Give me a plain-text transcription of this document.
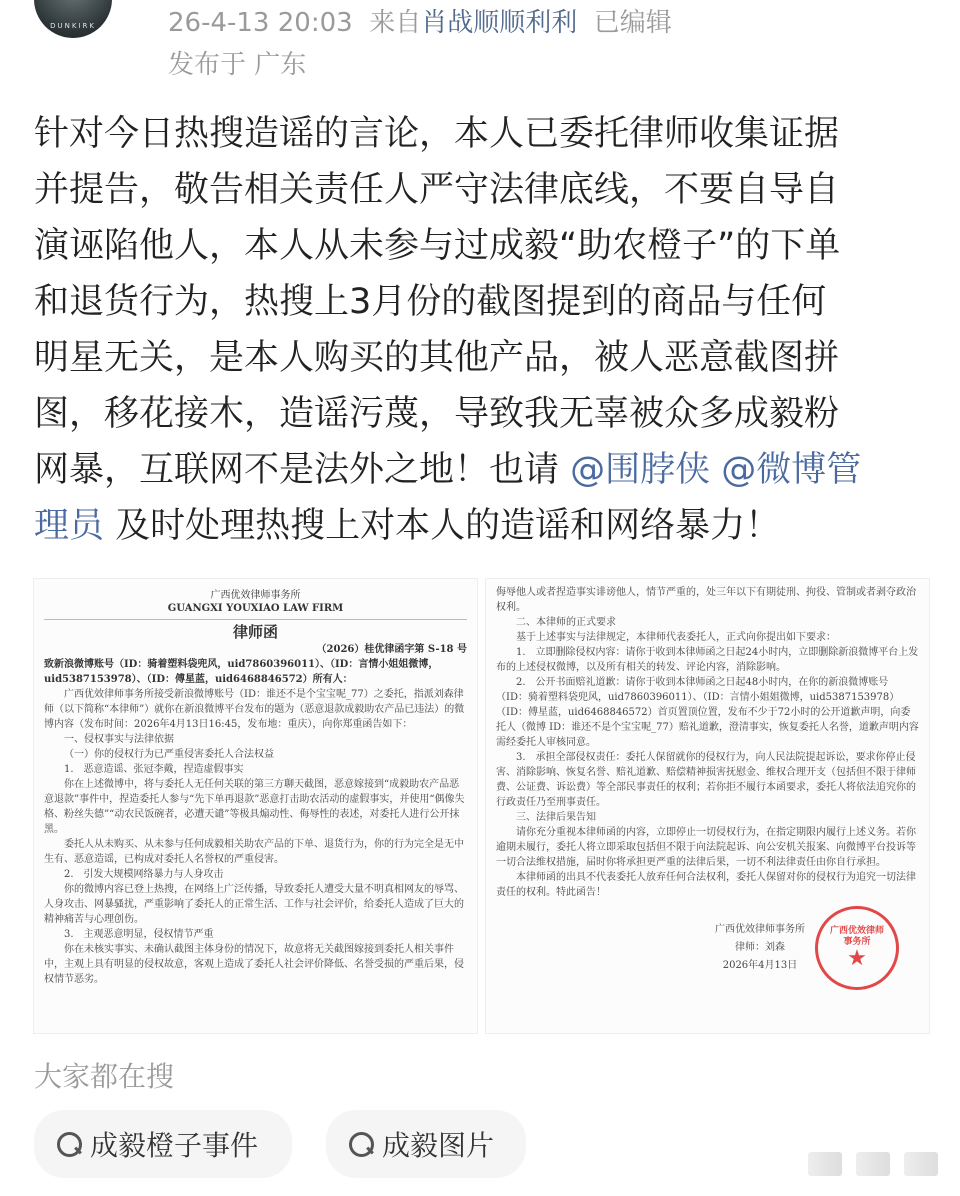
DUNKIRK	26-4-13 20:03 来自肖战顺顺利利 已编辑
发布于 广东
针对今日热搜造谣的言论，本人已委托律师收集证据
并提告，敬告相关责任人严守法律底线，不要自导自
演诬陷他人，本人从未参与过成毅“助农橙子”的下单
和退货行为，热搜上3月份的截图提到的商品与任何
明星无关，是本人购买的其他产品，被人恶意截图拼
图，移花接木，造谣污蔑，导致我无辜被众多成毅粉
网暴，互联网不是法外之地！也请 @围脖侠 @微博管
理员 及时处理热搜上对本人的造谣和网络暴力！
广西优效律师事务所
GUANGXI YOUXIAO LAW FIRM
律师函
（2026）桂优律函字第 S-18 号
致新浪微博账号（ID：骑着塑料袋兜风，uid7860396011）、（ID：言情小姐姐微博，uid5387153978）、（ID：傅星蓝，uid6468846572）所有人：
广西优效律师事务所接受新浪微博账号（ID：谁还不是个宝宝呢_77）之委托，指派刘森律师（以下简称“本律师”）就你在新浪微博平台发布的题为（恶意退款成毅助农产品已违法）的微博内容（发布时间：2026年4月13日16:45，发布地：重庆），向你郑重函告如下：
一、侵权事实与法律依据
（一）你的侵权行为已严重侵害委托人合法权益
1.　恶意造谣、张冠李戴，捏造虚假事实
你在上述微博中，将与委托人无任何关联的第三方聊天截图，恶意嫁接到“成毅助农产品恶意退款”事件中，捏造委托人参与“先下单再退款”恶意打击助农活动的虚假事实，并使用“偶像失格、粉丝失德”“动农民饭碗者，必遭天谴”等极具煽动性、侮辱性的表述，对委托人进行公开抹黑。
委托人从未购买、从未参与任何成毅相关助农产品的下单、退货行为，你的行为完全是无中生有、恶意造谣，已构成对委托人名誉权的严重侵害。
2.　引发大规模网络暴力与人身攻击
你的微博内容已登上热搜，在网络上广泛传播，导致委托人遭受大量不明真相网友的辱骂、人身攻击、网暴骚扰，严重影响了委托人的正常生活、工作与社会评价，给委托人造成了巨大的精神痛苦与心理创伤。
3.　主观恶意明显，侵权情节严重
你在未核实事实、未确认截图主体身份的情况下，故意将无关截图嫁接到委托人相关事件中，主观上具有明显的侵权故意，客观上造成了委托人社会评价降低、名誉受损的严重后果，侵权情节恶劣。
侮辱他人或者捏造事实诽谤他人，情节严重的，处三年以下有期徒刑、拘役、管制或者剥夺政治权利。
二、本律师的正式要求
基于上述事实与法律规定，本律师代表委托人，正式向你提出如下要求：
1.　立即删除侵权内容：请你于收到本律师函之日起24小时内，立即删除新浪微博平台上发布的上述侵权微博，以及所有相关的转发、评论内容，消除影响。
2.　公开书面赔礼道歉：请你于收到本律师函之日起48小时内，在你的新浪微博账号（ID：骑着塑料袋兜风，uid7860396011）、（ID：言情小姐姐微博，uid5387153978）（ID：傅星蓝，uid6468846572）首页置顶位置，发布不少于72小时的公开道歉声明，向委托人（微博 ID：谁还不是个宝宝呢_77）赔礼道歉，澄清事实，恢复委托人名誉，道歉声明内容需经委托人审核同意。
3.　承担全部侵权责任：委托人保留就你的侵权行为，向人民法院提起诉讼，要求你停止侵害、消除影响、恢复名誉、赔礼道歉、赔偿精神损害抚慰金、维权合理开支（包括但不限于律师费、公证费、诉讼费）等全部民事责任的权利；若你拒不履行本函要求，委托人将依法追究你的行政责任乃至刑事责任。
三、法律后果告知
请你充分重视本律师函的内容，立即停止一切侵权行为，在指定期限内履行上述义务。若你逾期未履行，委托人将立即采取包括但不限于向法院起诉、向公安机关报案、向微博平台投诉等一切合法维权措施，届时你将承担更严重的法律后果，一切不利法律责任由你自行承担。
本律师函的出具不代表委托人放弃任何合法权利，委托人保留对你的侵权行为追究一切法律责任的权利。特此函告！
广西优效律师事务所
律师：刘森
2026年4月13日
广西优效律师事务所
★
大家都在搜
成毅橙子事件	成毅图片
